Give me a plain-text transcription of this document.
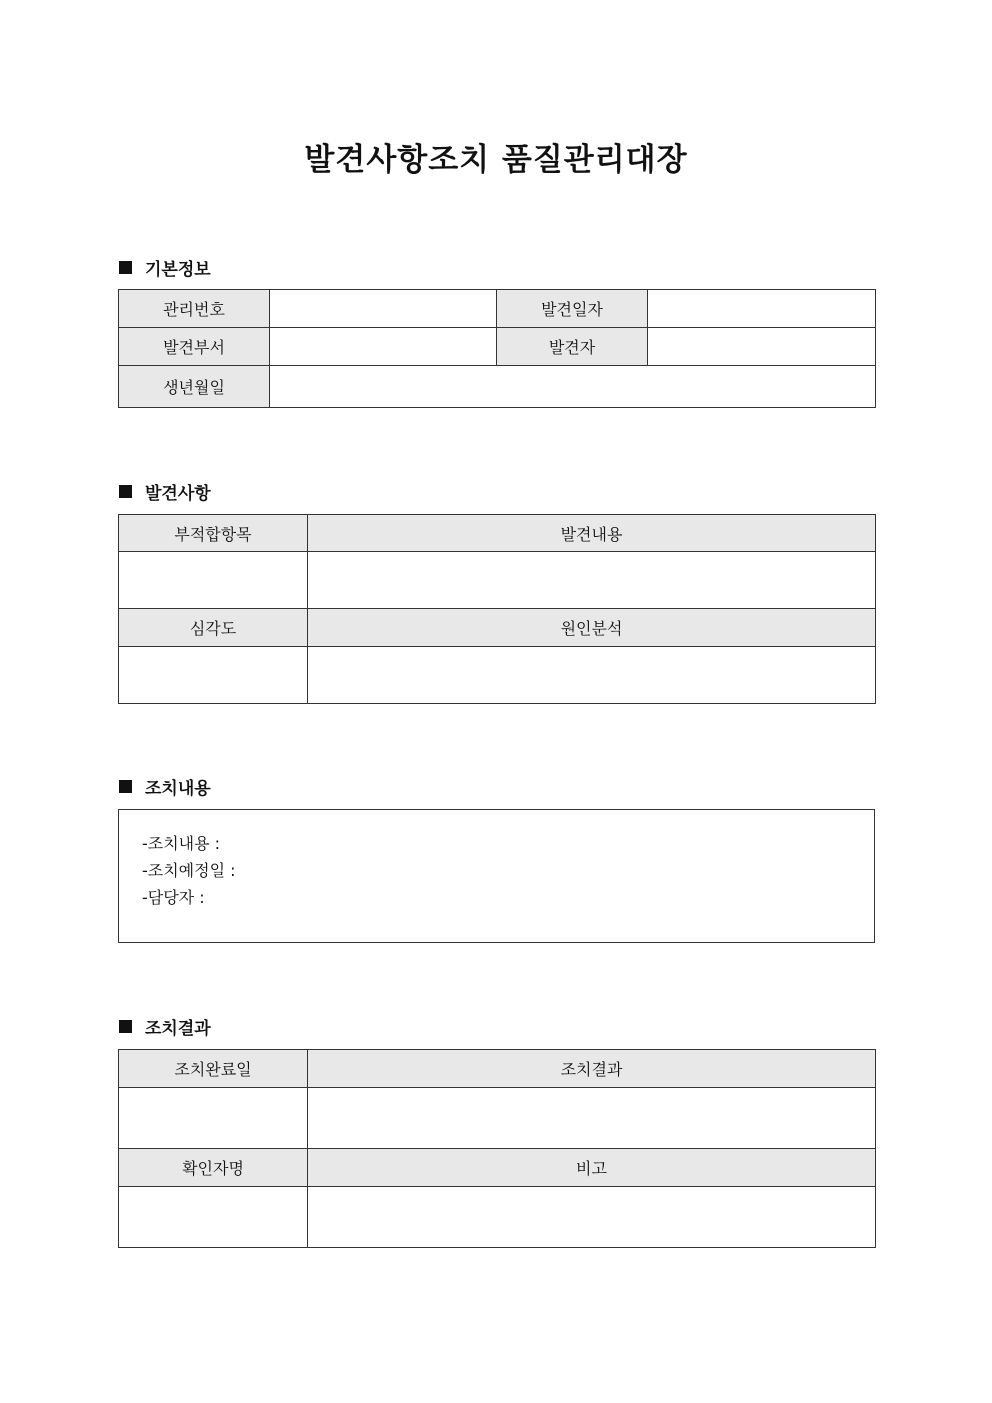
발견사항조치 품질관리대장
기본정보
관리번호		발견일자	
발견부서		발견자	
생년월일			
발견사항
부적합항목	발견내용

심각도	원인분석

조치내용
-조치내용 :
-조치예정일 :
-담당자 :
조치결과
조치완료일	조치결과

확인자명	비고
